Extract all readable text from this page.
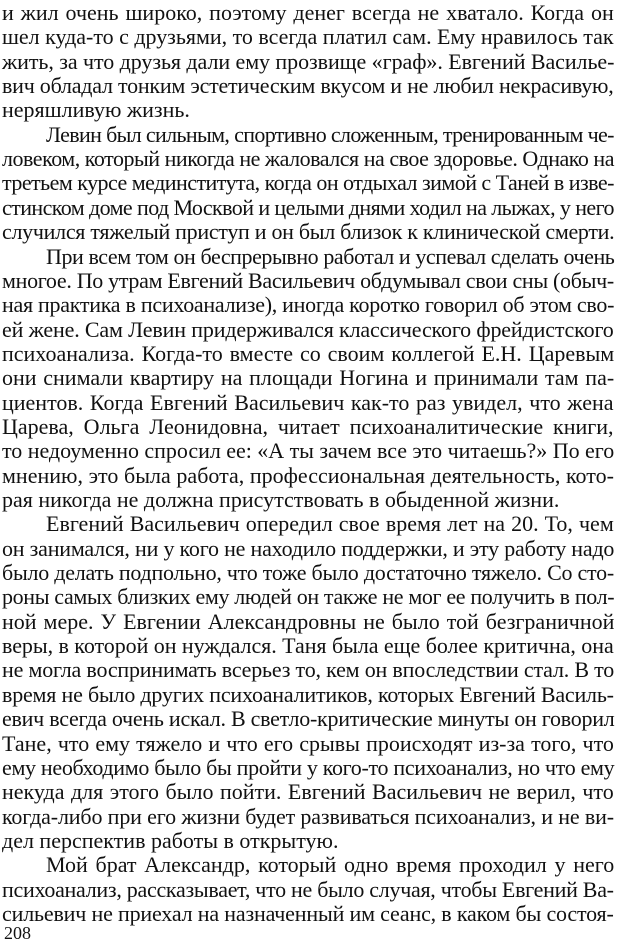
и жил очень широко, поэтому денег всегда не хватало. Когда он
шел куда-то с друзьями, то всегда платил сам. Ему нравилось так
жить, за что друзья дали ему прозвище «граф». Евгений Василье-
вич обладал тонким эстетическим вкусом и не любил некрасивую,
неряшливую жизнь.
Левин был сильным, спортивно сложенным, тренированным че-
ловеком, который никогда не жаловался на свое здоровье. Однако на
третьем курсе мединститута, когда он отдыхал зимой с Таней в изве-
стинском доме под Москвой и целыми днями ходил на лыжах, у него
случился тяжелый приступ и он был близок к клинической смерти.
При всем том он беспрерывно работал и успевал сделать очень
многое. По утрам Евгений Васильевич обдумывал свои сны (обыч-
ная практика в психоанализе), иногда коротко говорил об этом сво-
ей жене. Сам Левин придерживался классического фрейдистского
психоанализа. Когда-то вместе со своим коллегой Е.Н. Царевым
они снимали квартиру на площади Ногина и принимали там па-
циентов. Когда Евгений Васильевич как-то раз увидел, что жена
Царева, Ольга Леонидовна, читает психоаналитические книги,
то недоуменно спросил ее: «А ты зачем все это читаешь?» По его
мнению, это была работа, профессиональная деятельность, кото-
рая никогда не должна присутствовать в обыденной жизни.
Евгений Васильевич опередил свое время лет на 20. То, чем
он занимался, ни у кого не находило поддержки, и эту работу надо
было делать подпольно, что тоже было достаточно тяжело. Со сто-
роны самых близких ему людей он также не мог ее получить в пол-
ной мере. У Евгении Александровны не было той безграничной
веры, в которой он нуждался. Таня была еще более критична, она
не могла воспринимать всерьез то, кем он впоследствии стал. В то
время не было других психоаналитиков, которых Евгений Василь-
евич всегда очень искал. В светло-критические минуты он говорил
Тане, что ему тяжело и что его срывы происходят из-за того, что
ему необходимо было бы пройти у кого-то психоанализ, но что ему
некуда для этого было пойти. Евгений Васильевич не верил, что
когда-либо при его жизни будет развиваться психоанализ, и не ви-
дел перспектив работы в открытую.
Мой брат Александр, который одно время проходил у него
психоанализ, рассказывает, что не было случая, чтобы Евгений Ва-
сильевич не приехал на назначенный им сеанс, в каком бы состоя-
208
